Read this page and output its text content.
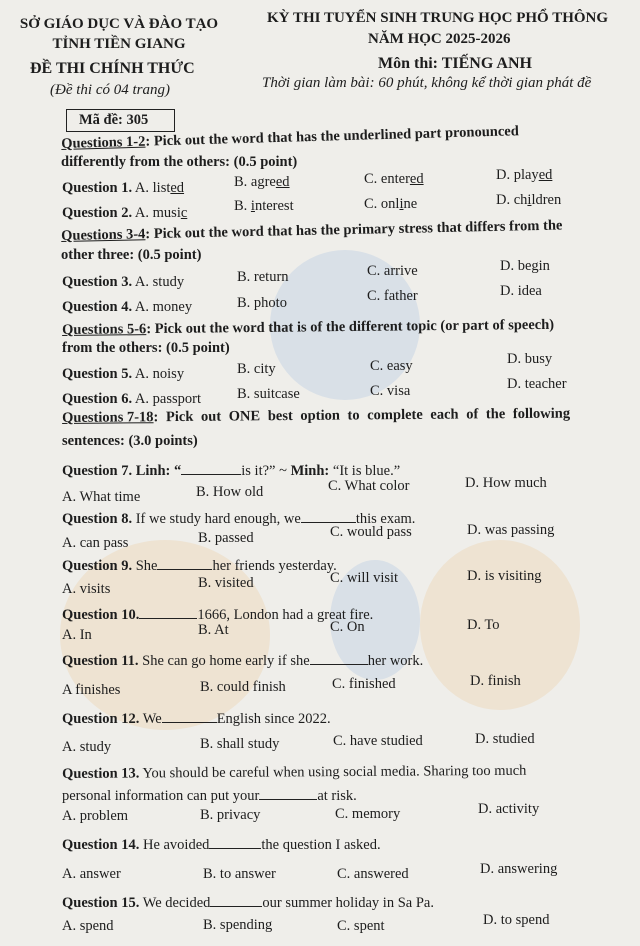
SỞ GIÁO DỤC VÀ ĐÀO TẠO
TỈNH TIỀN GIANG
KỲ THI TUYỂN SINH TRUNG HỌC PHỔ THÔNG
NĂM HỌC 2025-2026
ĐỀ THI CHÍNH THỨC
(Đề thi có 04 trang)
Môn thi: TIẾNG ANH
Thời gian làm bài: 60 phút, không kể thời gian phát đề
Mã đề: 305
Questions 1-2: Pick out the word that has the underlined part pronounced
differently from the others: (0.5 point)
Question 1. A. listed	B. agreed	C. entered	D. played
Question 2. A. music	B. interest	C. online	D. children
Questions 3-4: Pick out the word that has the primary stress that differs from the
other three: (0.5 point)
Question 3. A. study	B. return	C. arrive	D. begin
Question 4. A. money	B. photo	C. father	D. idea
Questions 5-6: Pick out the word that is of the different topic (or part of speech)
from the others: (0.5 point)
Question 5. A. noisy	B. city	C. easy	D. busy
Question 6. A. passport B. suitcase	C. visa	D. teacher
Questions 7-18: Pick out ONE best option to complete each of the following
sentences: (3.0 points)
Question 7. Linh: “	is it?” ~ Minh: “It is blue.”
A. What time	B. How old	C. What color	D. How much
Question 8. If we study hard enough, we	this exam.
A. can pass	B. passed	C. would pass	D. was passing
Question 9. She	her friends yesterday.
A. visits	B. visited	C. will visit	D. is visiting
Question 10.	1666, London had a great fire.
A. In	B. At	C. On	D. To
Question 11. She can go home early if she	her work.
A finishes	B. could finish	C. finished	D. finish
Question 12. We	English since 2022.
A. study	B. shall study	C. have studied	D. studied
Question 13. You should be careful when using social media. Sharing too much
personal information can put your	at risk.
A. problem	B. privacy	C. memory	D. activity
Question 14. He avoided	the question I asked.
A. answer	B. to answer	C. answered	D. answering
Question 15. We decided	our summer holiday in Sa Pa.
A. spend	B. spending	C. spent	D. to spend
